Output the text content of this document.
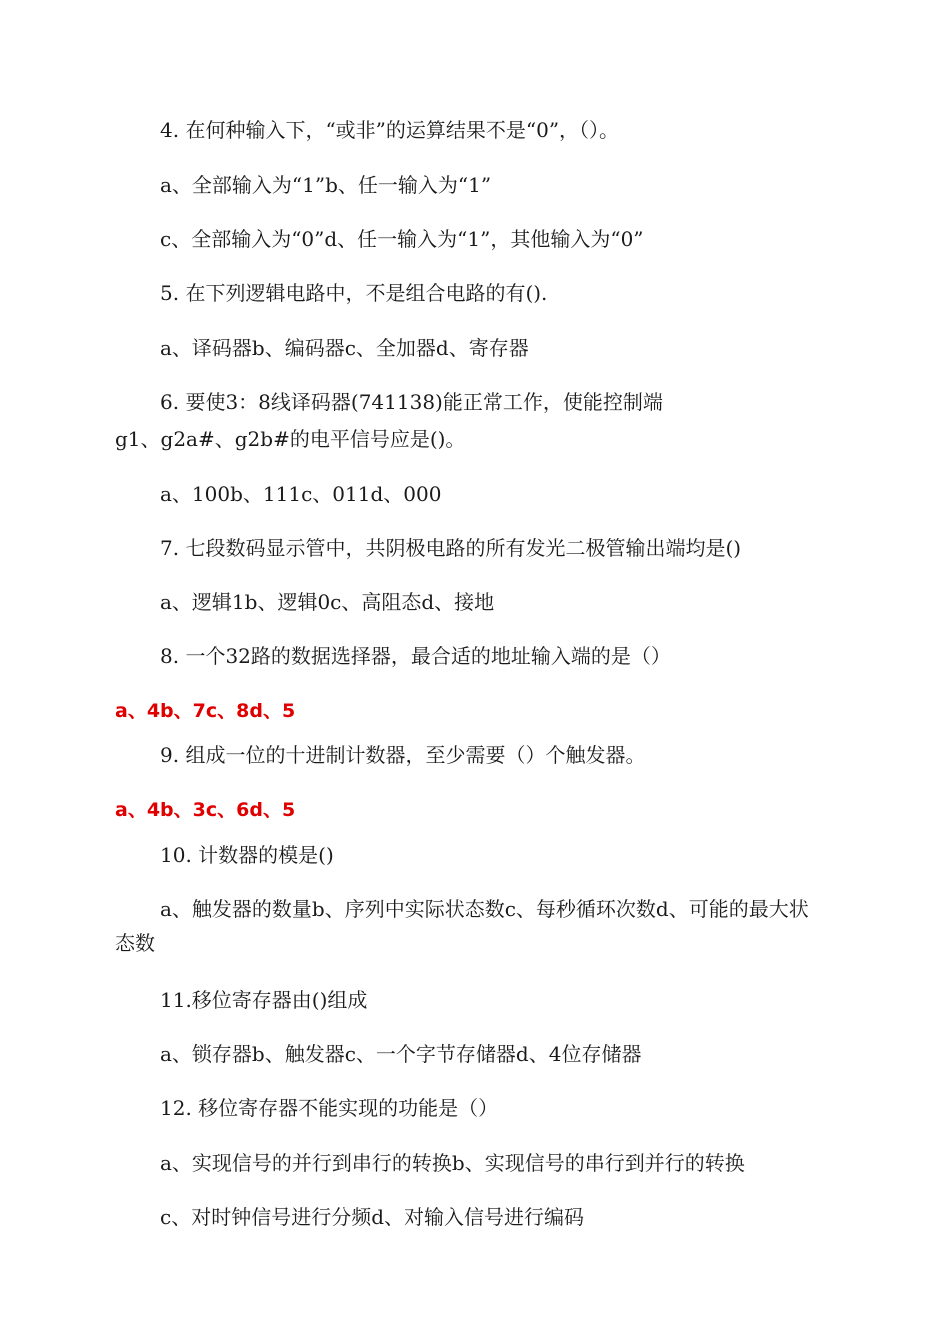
4. 在何种输入下，“或非”的运算结果不是“0”，（）。
a、全部输入为“1”b、任一输入为“1”
c、全部输入为“0”d、任一输入为“1”，其他输入为“0”
5. 在下列逻辑电路中，不是组合电路的有().
a、译码器b、编码器c、全加器d、寄存器
6. 要使3：8线译码器(741138)能正常工作，使能控制端
g1、g2a#、g2b#的电平信号应是()。
a、100b、111c、011d、000
7. 七段数码显示管中，共阴极电路的所有发光二极管输出端均是()
a、逻辑1b、逻辑0c、高阻态d、接地
8. 一个32路的数据选择器，最合适的地址输入端的是（）
a、4b、7c、8d、5
9. 组成一位的十进制计数器，至少需要（）个触发器。
a、4b、3c、6d、5
10. 计数器的模是()
a、触发器的数量b、序列中实际状态数c、每秒循环次数d、可能的最大状态数
11.移位寄存器由()组成
a、锁存器b、触发器c、一个字节存储器d、4位存储器
12. 移位寄存器不能实现的功能是（）
a、实现信号的并行到串行的转换b、实现信号的串行到并行的转换
c、对时钟信号进行分频d、对输入信号进行编码
